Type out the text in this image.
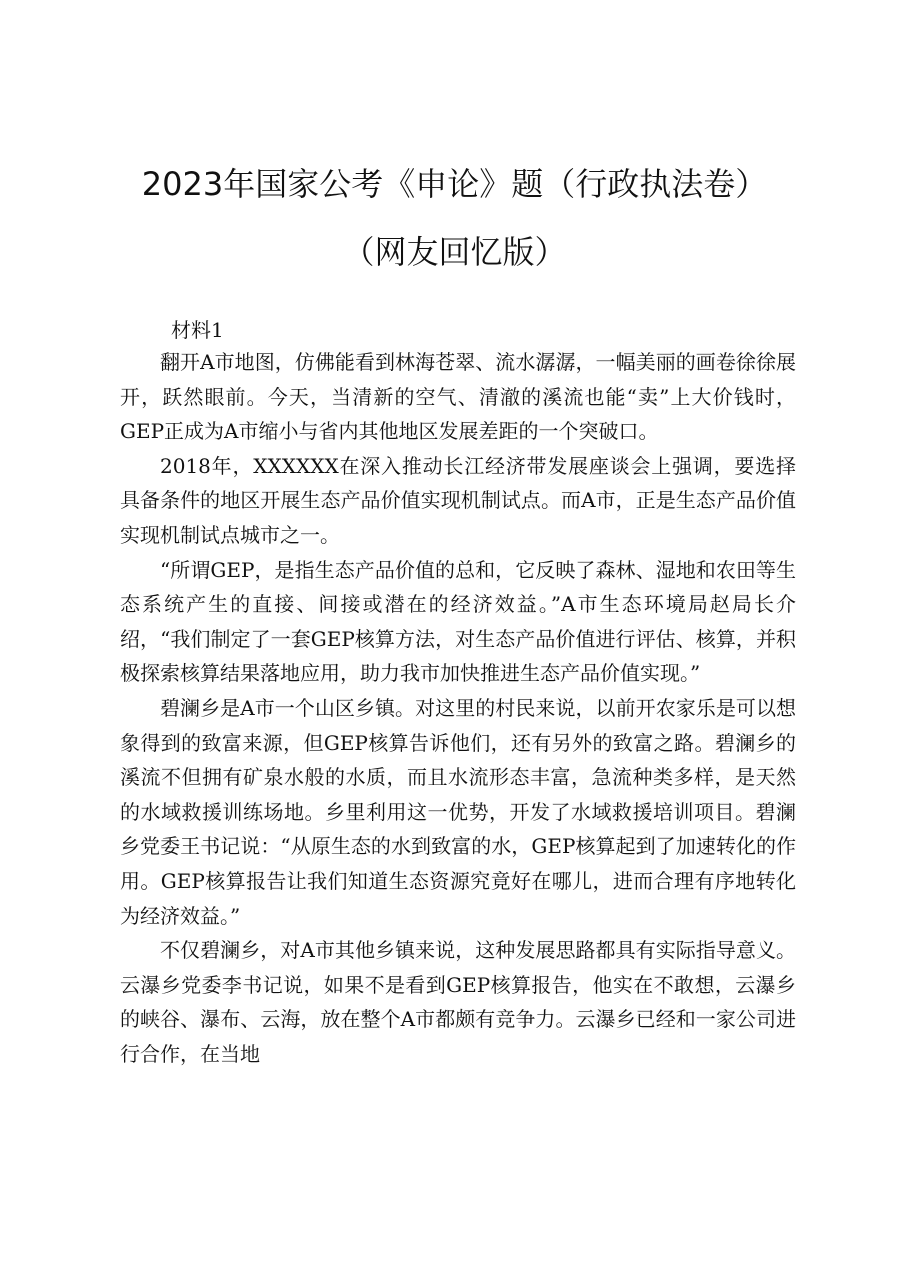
2023年国家公考《申论》题（行政执法卷）
（网友回忆版）
材料1

翻开A市地图，仿佛能看到林海苍翠、流水潺潺，一幅美丽的画卷徐徐展开，跃然眼前。今天，当清新的空气、清澈的溪流也能“卖”上大价钱时，GEP正成为A市缩小与省内其他地区发展差距的一个突破口。

2018年，XXXXXX在深入推动长江经济带发展座谈会上强调，要选择具备条件的地区开展生态产品价值实现机制试点。而A市，正是生态产品价值实现机制试点城市之一。

“所谓GEP，是指生态产品价值的总和，它反映了森林、湿地和农田等生态系统产生的直接、间接或潜在的经济效益。”A市生态环境局赵局长介绍，“我们制定了一套GEP核算方法，对生态产品价值进行评估、核算，并积极探索核算结果落地应用，助力我市加快推进生态产品价值实现。”

碧澜乡是A市一个山区乡镇。对这里的村民来说，以前开农家乐是可以想象得到的致富来源，但GEP核算告诉他们，还有另外的致富之路。碧澜乡的溪流不但拥有矿泉水般的水质，而且水流形态丰富，急流种类多样，是天然的水域救援训练场地。乡里利用这一优势，开发了水域救援培训项目。碧澜乡党委王书记说：“从原生态的水到致富的水，GEP核算起到了加速转化的作用。GEP核算报告让我们知道生态资源究竟好在哪儿，进而合理有序地转化为经济效益。”

不仅碧澜乡，对A市其他乡镇来说，这种发展思路都具有实际指导意义。云瀑乡党委李书记说，如果不是看到GEP核算报告，他实在不敢想，云瀑乡的峡谷、瀑布、云海，放在整个A市都颇有竞争力。云瀑乡已经和一家公司进行合作，在当地
